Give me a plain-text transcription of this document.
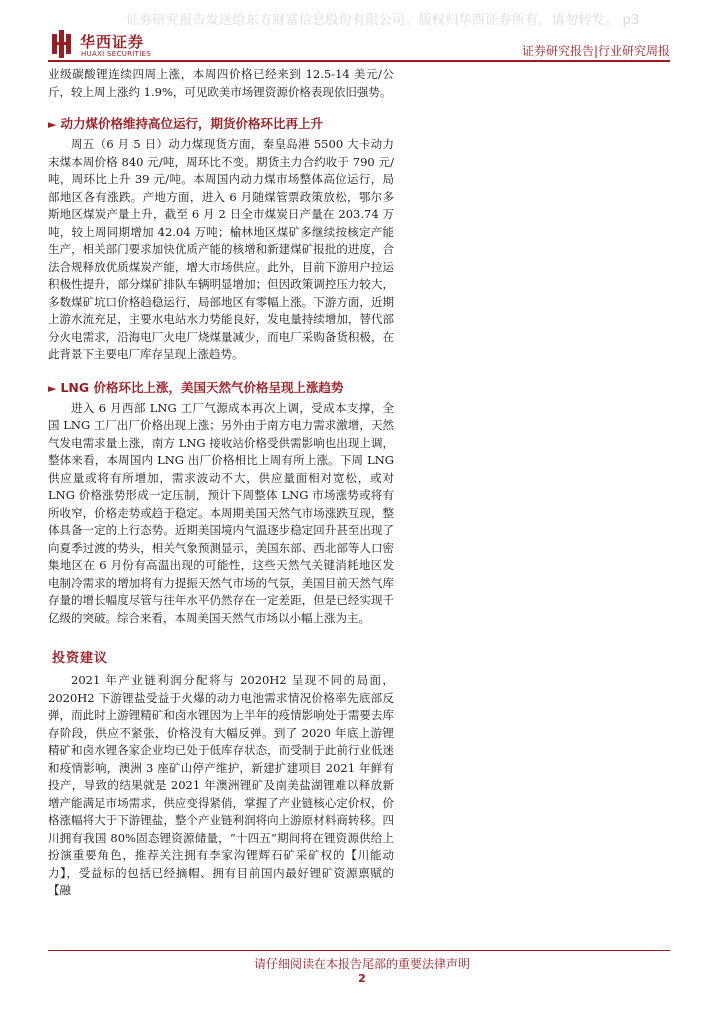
证券研究报告发送给东方财富信息股份有限公司。版权归华西证券所有，请勿转发。 p3
华西证券
HUAXI SECURITIES	证券研究报告|行业研究周报

业级碳酸锂连续四周上涨，本周四价格已经来到 12.5-14 美元/公斤，较上周上涨约 1.9%，可见欧美市场锂资源价格表现依旧强势。

► 动力煤价格维持高位运行，期货价格环比再上升

周五（6 月 5 日）动力煤现货方面，秦皇岛港 5500 大卡动力末煤本周价格 840 元/吨，周环比不变。期货主力合约收于 790 元/吨，周环比上升 39 元/吨。本周国内动力煤市场整体高位运行，局部地区各有涨跌。产地方面，进入 6 月随煤管票政策放松，鄂尔多斯地区煤炭产量上升，截至 6 月 2 日全市煤炭日产量在 203.74 万吨，较上周同期增加 42.04 万吨；榆林地区煤矿多继续按核定产能生产，相关部门要求加快优质产能的核增和新建煤矿报批的进度，合法合规释放优质煤炭产能，增大市场供应。此外，目前下游用户拉运积极性提升，部分煤矿排队车辆明显增加；但因政策调控压力较大，多数煤矿坑口价格趋稳运行，局部地区有零幅上涨。下游方面，近期上游水流充足，主要水电站水力势能良好，发电量持续增加，替代部分火电需求，沿海电厂火电厂烧煤量减少，而电厂采购备货积极，在此背景下主要电厂库存呈现上涨趋势。

► LNG 价格环比上涨，美国天然气价格呈现上涨趋势

进入 6 月西部 LNG 工厂气源成本再次上调，受成本支撑，全国 LNG 工厂出厂价格出现上涨；另外由于南方电力需求激增，天然气发电需求量上涨，南方 LNG 接收站价格受供需影响也出现上调，整体来看，本周国内 LNG 出厂价格相比上周有所上涨。下周 LNG 供应量或将有所增加，需求波动不大，供应量面相对宽松，或对 LNG 价格涨势形成一定压制，预计下周整体 LNG 市场涨势或将有所收窄，价格走势或趋于稳定。本周期美国天然气市场涨跌互现，整体具备一定的上行态势。近期美国境内气温逐步稳定回升甚至出现了向夏季过渡的势头，相关气象预测显示，美国东部、西北部等人口密集地区在 6 月份有高温出现的可能性，这些天然气关键消耗地区发电制冷需求的增加将有力提振天然气市场的气氛，美国目前天然气库存量的增长幅度尽管与往年水平仍然存在一定差距，但是已经实现千亿级的突破。综合来看，本周美国天然气市场以小幅上涨为主。

投资建议

2021 年产业链利润分配将与 2020H2 呈现不同的局面，2020H2 下游锂盐受益于火爆的动力电池需求情况价格率先底部反弹，而此时上游锂精矿和卤水锂因为上半年的疫情影响处于需要去库存阶段，供应不紧张，价格没有大幅反弹。到了 2020 年底上游锂精矿和卤水锂各家企业均已处于低库存状态，而受制于此前行业低迷和疫情影响，澳洲 3 座矿山停产维护，新建扩建项目 2021 年鲜有投产，导致的结果就是 2021 年澳洲锂矿及南美盐湖锂难以释放新增产能满足市场需求，供应变得紧俏，掌握了产业链核心定价权，价格涨幅将大于下游锂盐，整个产业链利润将向上游原材料商转移。四川拥有我国 80%固态锂资源储量，“十四五”期间将在锂资源供给上扮演重要角色，推荐关注拥有李家沟锂辉石矿采矿权的【川能动力】，受益标的包括已经摘帽、拥有目前国内最好锂矿资源禀赋的【融

请仔细阅读在本报告尾部的重要法律声明
2
